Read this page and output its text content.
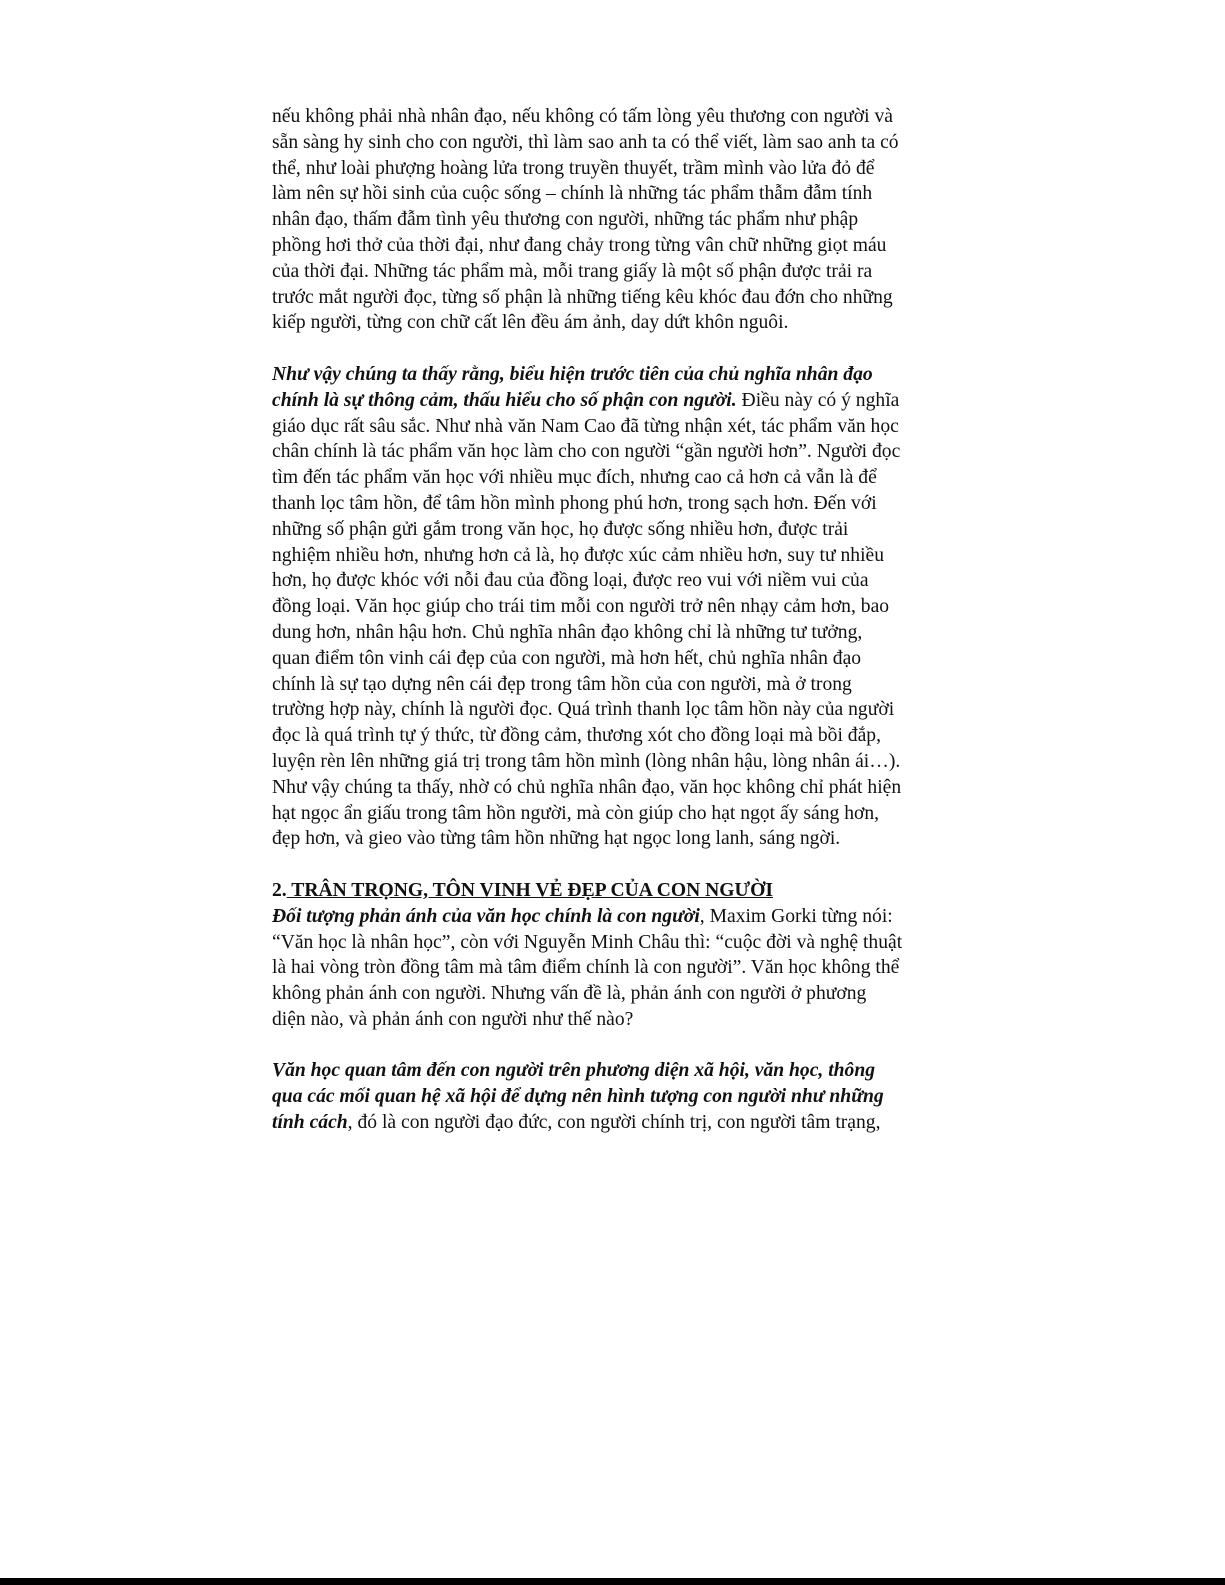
nếu không phải nhà nhân đạo, nếu không có tấm lòng yêu thương con người và
sẵn sàng hy sinh cho con người, thì làm sao anh ta có thể viết, làm sao anh ta có
thể, như loài phượng hoàng lửa trong truyền thuyết, trầm mình vào lửa đỏ để
làm nên sự hồi sinh của cuộc sống – chính là những tác phẩm thẫm đẫm tính
nhân đạo, thấm đẫm tình yêu thương con người, những tác phẩm như phập
phồng hơi thở của thời đại, như đang chảy trong từng vân chữ những giọt máu
của thời đại. Những tác phẩm mà, mỗi trang giấy là một số phận được trải ra
trước mắt người đọc, từng số phận là những tiếng kêu khóc đau đớn cho những
kiếp người, từng con chữ cất lên đều ám ảnh, day dứt khôn nguôi.
Như vậy chúng ta thấy rằng, biểu hiện trước tiên của chủ nghĩa nhân đạo
chính là sự thông cảm, thấu hiểu cho số phận con người. Điều này có ý nghĩa
giáo dục rất sâu sắc. Như nhà văn Nam Cao đã từng nhận xét, tác phẩm văn học
chân chính là tác phẩm văn học làm cho con người “gần người hơn”. Người đọc
tìm đến tác phẩm văn học với nhiều mục đích, nhưng cao cả hơn cả vẫn là để
thanh lọc tâm hồn, để tâm hồn mình phong phú hơn, trong sạch hơn. Đến với
những số phận gửi gắm trong văn học, họ được sống nhiều hơn, được trải
nghiệm nhiều hơn, nhưng hơn cả là, họ được xúc cảm nhiều hơn, suy tư nhiều
hơn, họ được khóc với nỗi đau của đồng loại, được reo vui với niềm vui của
đồng loại. Văn học giúp cho trái tim mỗi con người trở nên nhạy cảm hơn, bao
dung hơn, nhân hậu hơn. Chủ nghĩa nhân đạo không chỉ là những tư tưởng,
quan điểm tôn vinh cái đẹp của con người, mà hơn hết, chủ nghĩa nhân đạo
chính là sự tạo dựng nên cái đẹp trong tâm hồn của con người, mà ở trong
trường hợp này, chính là người đọc. Quá trình thanh lọc tâm hồn này của người
đọc là quá trình tự ý thức, từ đồng cảm, thương xót cho đồng loại mà bồi đắp,
luyện rèn lên những giá trị trong tâm hồn mình (lòng nhân hậu, lòng nhân ái…).
Như vậy chúng ta thấy, nhờ có chủ nghĩa nhân đạo, văn học không chỉ phát hiện
hạt ngọc ẩn giấu trong tâm hồn người, mà còn giúp cho hạt ngọt ấy sáng hơn,
đẹp hơn, và gieo vào từng tâm hồn những hạt ngọc long lanh, sáng ngời.
2. TRÂN TRỌNG, TÔN VINH VẺ ĐẸP CỦA CON NGƯỜI
Đối tượng phản ánh của văn học chính là con người, Maxim Gorki từng nói:
“Văn học là nhân học”, còn với Nguyễn Minh Châu thì: “cuộc đời và nghệ thuật
là hai vòng tròn đồng tâm mà tâm điểm chính là con người”. Văn học không thể
không phản ánh con người. Nhưng vấn đề là, phản ánh con người ở phương
diện nào, và phản ánh con người như thế nào?
Văn học quan tâm đến con người trên phương diện xã hội, văn học, thông
qua các mối quan hệ xã hội để dựng nên hình tượng con người như những
tính cách, đó là con người đạo đức, con người chính trị, con người tâm trạng,
